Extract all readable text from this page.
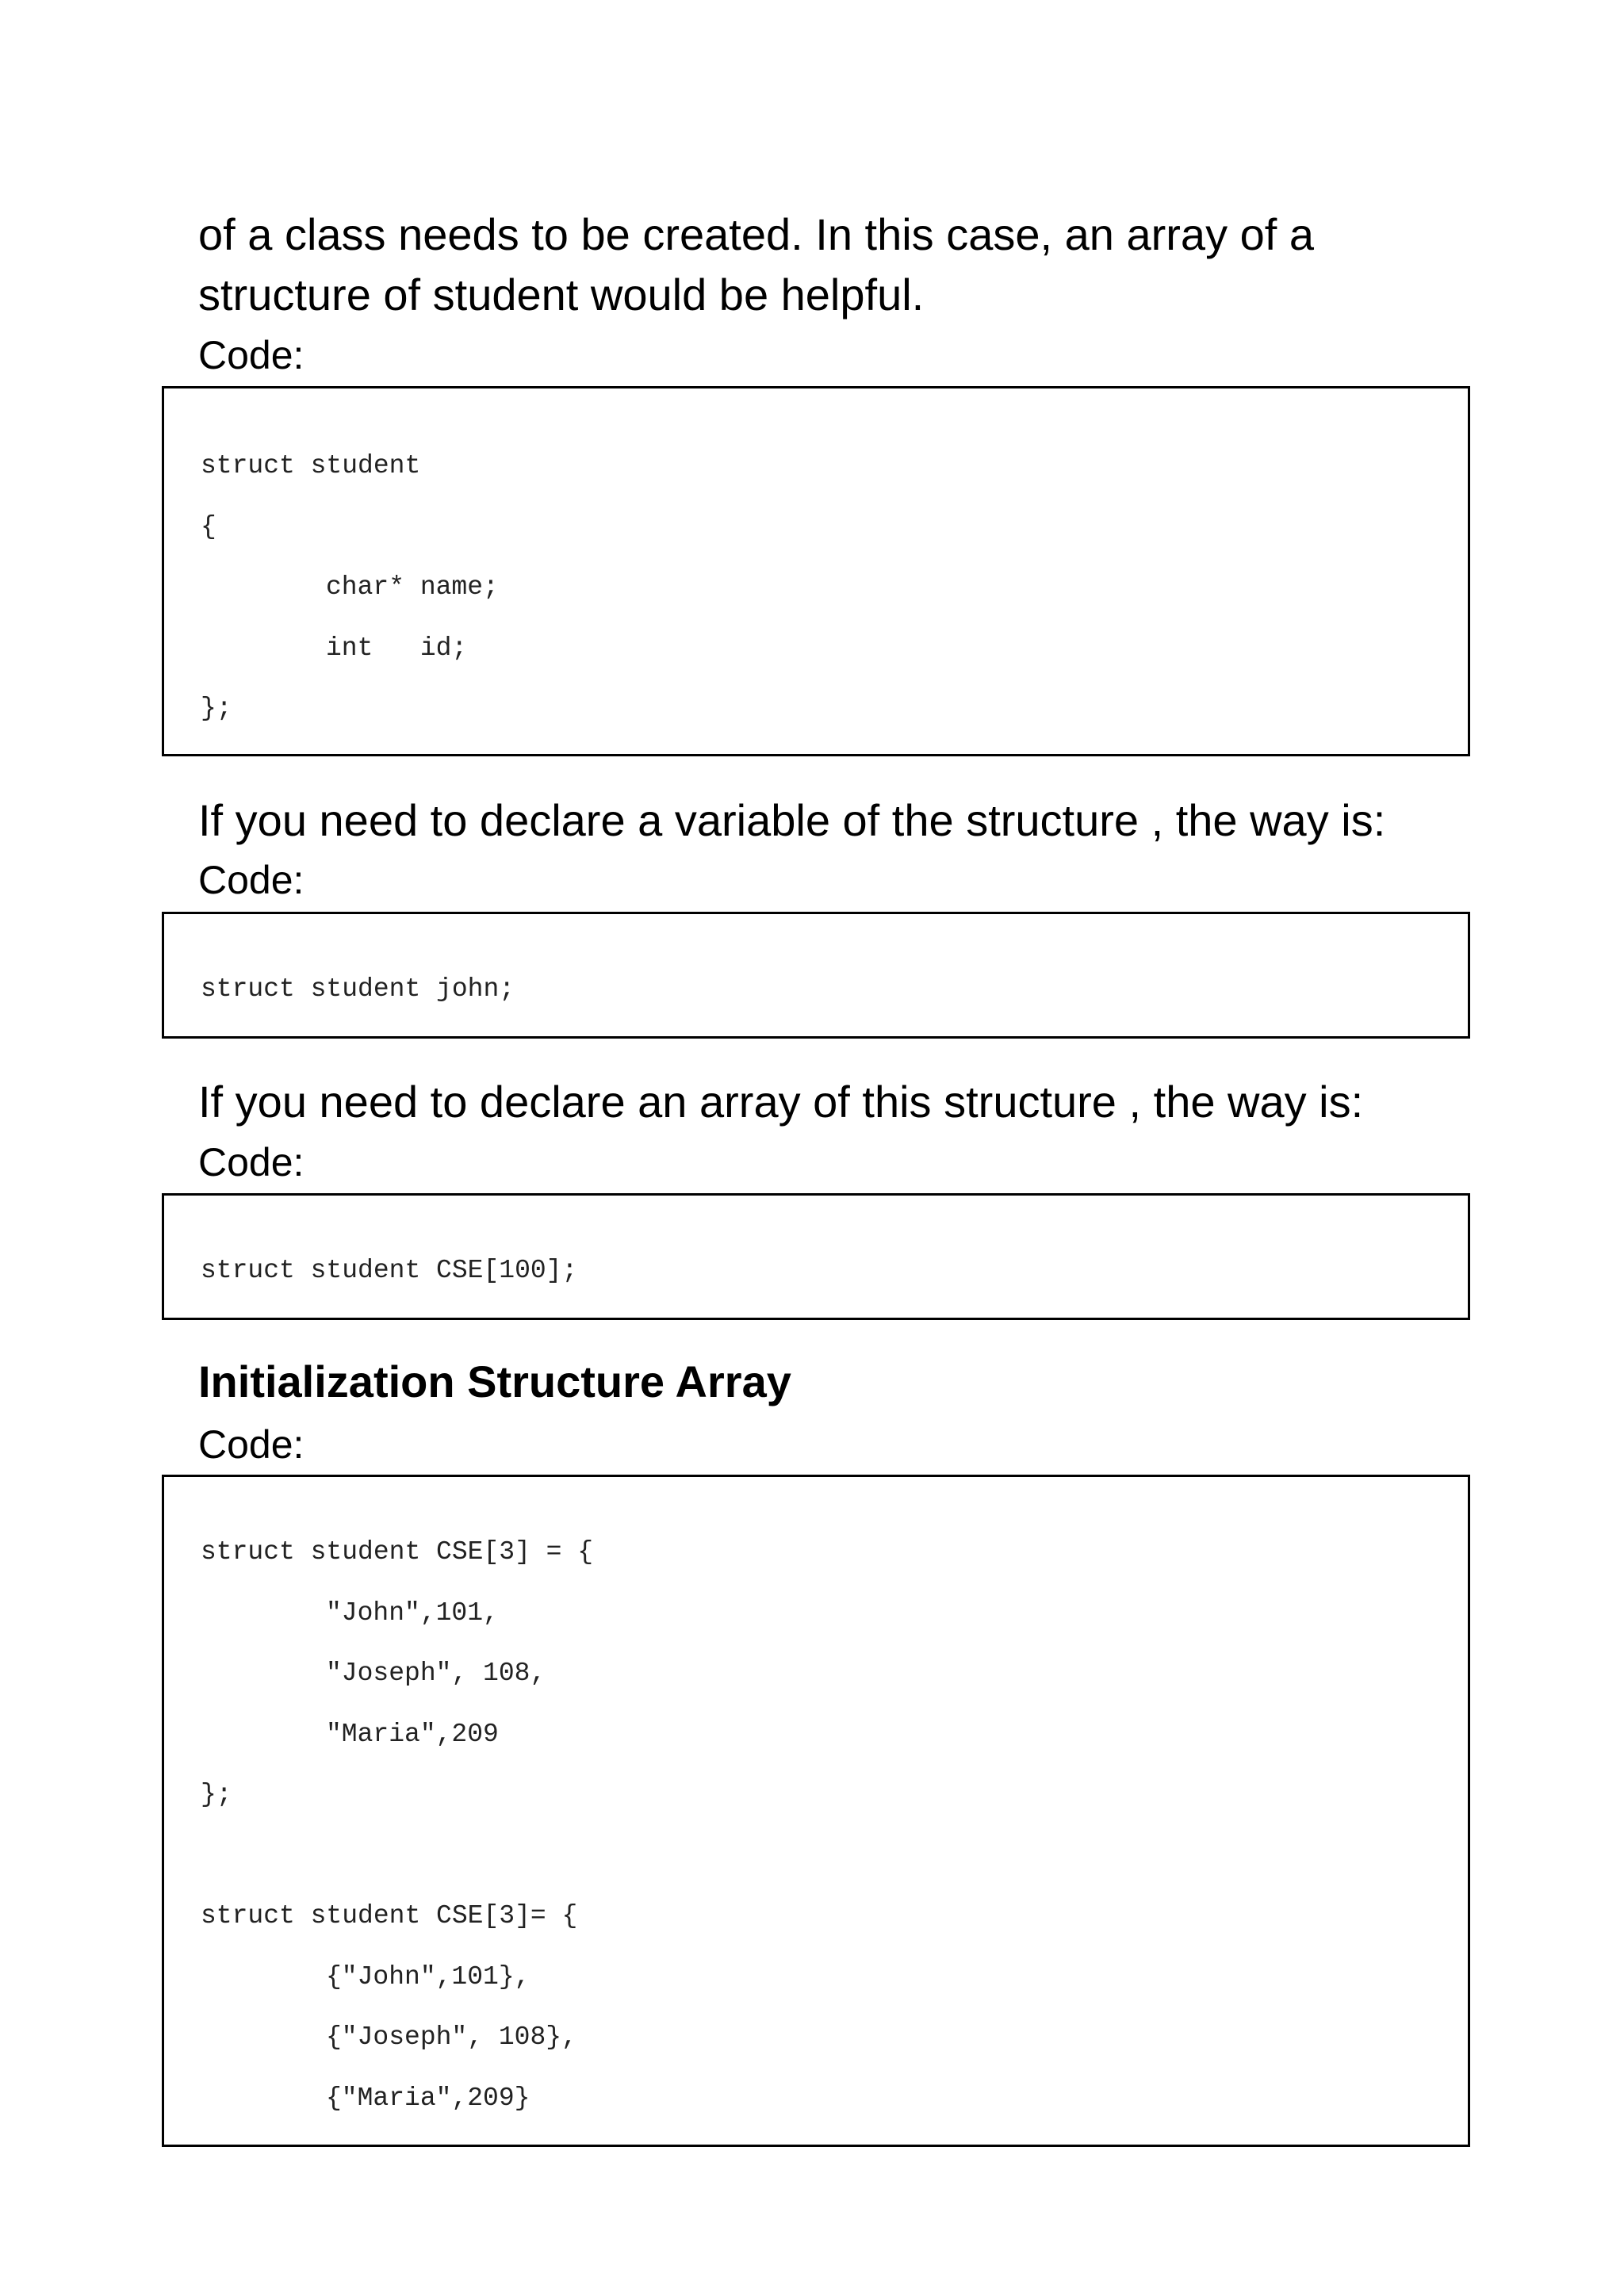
of a class needs to be created. In this case, an array of a

structure of student would be helpful.

Code:

struct student
{
char* name;
int   id;
};

If you need to declare a variable of the structure , the way is:

Code:

struct student john;

If you need to declare an array of this structure , the way is:

Code:

struct student CSE[100];
Initialization Structure Array

Code:

struct student CSE[3] = {
"John",101,
"Joseph", 108,
"Maria",209
};
struct student CSE[3]= {
{"John",101},
{"Joseph", 108},
{"Maria",209}
